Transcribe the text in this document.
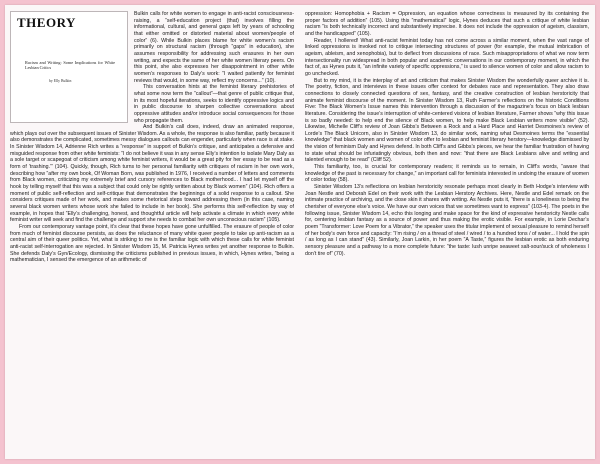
THEORY
Racism and Writing: Some Implications for White Lesbian Critics
by Elly Bulkin

Bulkin calls for white women to engage in anti-racist consciousness-raising, a “self-education project (that) involves filling the informational, cultural, and general gaps left by years of schooling that either omitted or distorted material about women/people of color” (6). While Bulkin places blame for white women’s racism primarily on structural racism (through “gaps” in education), she assumes responsibility for addressing such erasures in her own writing, and expects the same of her white women literary peers. On this point, she also expresses her disappointment in other white women’s responses to Daly’s work: “I waited patiently for feminist reviews that would, in some way, reflect my concerns...” (10).

This conversation hints at the feminist literary prehistories of what some now term the “callout”—that genre of public critique that, in its most hopeful iterations, seeks to identify oppressive logics and in public discourse to sharpen collective conversations about oppressive attitudes and/or introduce social consequences for those who propagate them.

And Bulkin’s call does, indeed, draw an animated response, which plays out over the subsequent issues of Sinister Wisdom. As a whole, the response is also familiar, partly because it also demonstrates the complicated, sometimes messy dialogues callouts can engender, particularly when race is at stake. In Sinister Wisdom 14, Adrienne Rich writes a “response” in support of Bulkin’s critique, and anticipates a defensive and misguided response from other white feminists: “I do not believe it was in any sense Elly’s intention to isolate Mary Daly as a sole target or scapegoat of criticism among white feminist writers, it would be a great pity for her essay to be read as a form of ‘trashing.’” (104). Quickly, though, Rich turns to her personal familiarity with critiques of racism in her own work, describing how “after my own book, Of Woman Born, was published in 1976, I received a number of letters and comments from Black women, criticizing my extremely brief and cursory references to Black motherhood... I had let myself off the hook by telling myself that this was a subject that could only be rightly written about by Black women” (104). Rich offers a moment of public self-reflection and self-critique that demonstrates the beginnings of a solid response to a callout. She considers critiques made of her work, and makes some rhetorical steps toward addressing them (in this case, naming several black women writers whose work she failed to include in her book). She performs this self-reflection by way of example, in hopes that “Elly’s challenging, honest, and thoughtful article will help activate a climate in which every white feminist writer will seek and find the challenge and support she needs to combat her own unconscious racism” (105).

From our contemporary vantage point, it’s clear that these hopes have gone unfulfilled. The erasure of people of color from much of feminist discourse persists, as does the reluctance of many white queer people to take up anti-racism as a central aim of their queer politics. Yet, what is striking to me is the familiar logic with which these calls for white feminist anti-racist self-interrogation are rejected. In Sinister Wisdom 15, M. Patricia Hynes writes yet another response to Bulkin. She defends Daly’s Gyn/Ecology, dismissing the criticisms published in previous issues, in which, Hynes writes, “being a mathematician, I sensed the emergence of an arithmetic of

oppression: Homophobia + Racism = Oppression, an equation whose correctness is measured by its containing the proper factors of addition” (105). Using this “mathematical” logic, Hynes deduces that such a critique of white lesbian racism “is both technically incorrect and substantively imprecise. It does not include the oppression of ageism, classism, and the handicapped” (105).

Reader, I hollered! What anti-racist feminist today has not come across a similar moment, when the vast range of linked oppressions is invoked not to critique intersecting structures of power (for example, the mutual imbrication of ageism, ableism, and xenophobia), but to deflect from discussions of race. Such misappropriations of what we now term intersectionality run widespread in both popular and academic conversations in our contemporary moment, in which the fact of, as Hynes puts it, “an infinite variety of specific oppressions,” is used to silence women of color and allow racism to go unchecked.

But to my mind, it is the interplay of art and criticism that makes Sinister Wisdom the wonderfully queer archive it is. The poetry, fiction, and interviews in these issues offer context for debates race and representation. They also draw connections to closely connected questions of sex, fantasy, and the creative construction of lesbian herstoricity that animate feminist discourse of the moment. In Sinister Wisdom 13, Ruth Farmer’s reflections on the historic Conditions Five: The Black Women’s Issue names this intervention through a discussion of the magazine’s focus on black lesbian literature. Considering the issue’s interruption of white-centered visions of lesbian literature, Farmer shows “why this issue is so badly needed: to help end the silence of Black women, to help make Black Lesbian writers more visible” (52). Likewise, Michelle Cliff’s review of Joan Gibbs’s Between a Rock and a Hard Place and Harriet Desmoines’s review of Lorde’s The Black Unicorn, also in Sinister Wisdom 13, do similar work, naming what Desmoines terms the “essential knowledge” that black women and women of color offer to lesbian and feminist literary herstory—knowledge dismissed by the vision of feminism Daly and Hynes defend. In both Cliff’s and Gibbs’s pieces, we hear the familiar frustration of having to state what should be infuriatingly obvious, both then and now: “that there are Black Lesbians alive and writing and talented enough to be read” (Cliff 52).

This familiarity, too, is crucial for contemporary readers; it reminds us to remain, in Cliff’s words, “aware that knowledge of the past is necessary for change,” an important call for feminists interested in undoing the erasure of women of color today (58).

Sinister Wisdom 13’s reflections on lesbian herstoricity resonate perhaps most clearly in Beth Hodge’s interview with Joan Nestle and Deborah Edel on their work with the Lesbian Herstory Archives. Here, Nestle and Edel remark on the intimate practice of archiving, and the close skin it shares with writing. As Nestle puts it, “there is a loneliness to being the cherisher of everyone else’s voice. We have our own voices that we sometimes want to express” (103-4). The poets in the following issue, Sinister Wisdom 14, echo this longing and make space for the kind of expressive herstoricity Nestle calls for, centering lesbian fantasy as a source of power and thus making the erotic visible. For example, in Lorie Dechar’s poem “Transformer: Love Poem for a Vibrator,” the speaker uses the titular implement of sexual pleasure to remind herself of her body’s own force and capacity: “I’m rising / on a thread of steel / wired / to a hundred tons / of water... I hold the spin / as long as I can stand” (43). Similarly, Joan Larkin, in her poem “A Taste,” figures the lesbian erotic as both enduring sensory pleasure and a pathway to a more complete future: “the taste: lush unripe seaweet salt-sour/suck of wholeness I don’t tire of” (70).
